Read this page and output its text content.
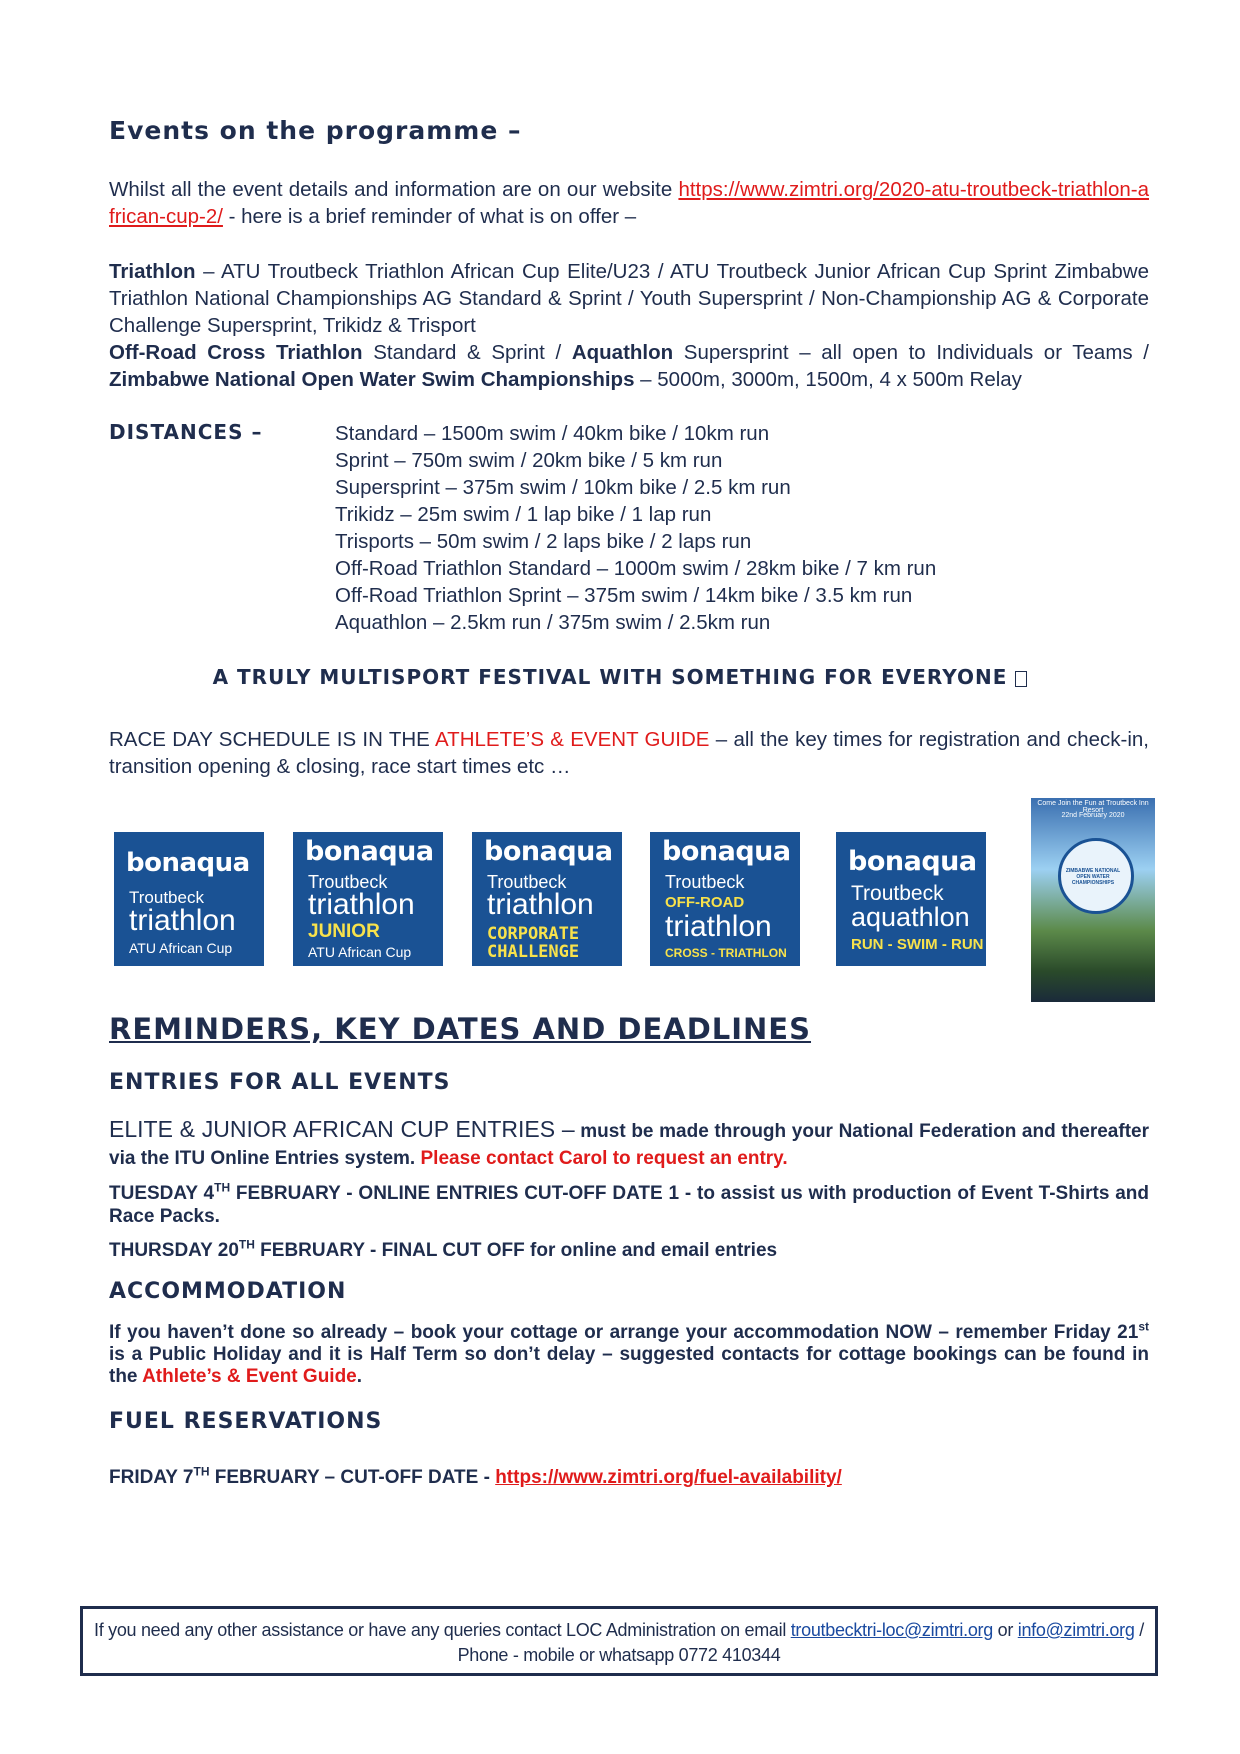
Events on the programme –
Whilst all the event details and information are on our website https://www.zimtri.org/2020-atu-troutbeck-triathlon-african-cup-2/ - here is a brief reminder of what is on offer –
Triathlon – ATU Troutbeck Triathlon African Cup Elite/U23 / ATU Troutbeck Junior African Cup Sprint Zimbabwe Triathlon National Championships AG Standard & Sprint / Youth Supersprint / Non-Championship AG & Corporate Challenge Supersprint, Trikidz & Trisport
Off-Road Cross Triathlon Standard & Sprint / Aquathlon Supersprint – all open to Individuals or Teams / Zimbabwe National Open Water Swim Championships – 5000m, 3000m, 1500m, 4 x 500m Relay
DISTANCES –	Standard – 1500m swim / 40km bike / 10km run
Sprint – 750m swim / 20km bike / 5 km run
Supersprint – 375m swim / 10km bike / 2.5 km run
Trikidz – 25m swim / 1 lap bike / 1 lap run
Trisports – 50m swim / 2 laps bike / 2 laps run
Off-Road Triathlon Standard – 1000m swim / 28km bike / 7 km run
Off-Road Triathlon Sprint – 375m swim / 14km bike / 3.5 km run
Aquathlon – 2.5km run / 375m swim / 2.5km run
A TRULY MULTISPORT FESTIVAL WITH SOMETHING FOR EVERYONE
RACE DAY SCHEDULE IS IN THE ATHLETE’S & EVENT GUIDE – all the key times for registration and check-in, transition opening & closing, race start times etc …
bonaqua
Troutbeck
triathlon
ATU African Cup
bonaqua
Troutbeck
triathlon
JUNIOR
ATU African Cup
bonaqua
Troutbeck
triathlon
CORPORATE
CHALLENGE
bonaqua
Troutbeck
OFF-ROAD
triathlon
CROSS - TRIATHLON
bonaqua
Troutbeck
aquathlon
RUN - SWIM - RUN
Come Join the Fun at Troutbeck Inn Resort
22nd February 2020
ZIMBABWE NATIONAL OPEN WATER CHAMPIONSHIPS
REMINDERS, KEY DATES AND DEADLINES
ENTRIES FOR ALL EVENTS
ELITE & JUNIOR AFRICAN CUP ENTRIES – must be made through your National Federation and thereafter via the ITU Online Entries system. Please contact Carol to request an entry.
TUESDAY 4TH FEBRUARY - ONLINE ENTRIES CUT-OFF DATE 1 - to assist us with production of Event T-Shirts and Race Packs.
THURSDAY 20TH FEBRUARY - FINAL CUT OFF for online and email entries
ACCOMMODATION
If you haven’t done so already – book your cottage or arrange your accommodation NOW – remember Friday 21st is a Public Holiday and it is Half Term so don’t delay – suggested contacts for cottage bookings can be found in the Athlete’s & Event Guide.
FUEL RESERVATIONS
FRIDAY 7TH FEBRUARY – CUT-OFF DATE - https://www.zimtri.org/fuel-availability/
If you need any other assistance or have any queries contact LOC Administration on email troutbecktri-loc@zimtri.org or info@zimtri.org /
Phone - mobile or whatsapp 0772 410344
